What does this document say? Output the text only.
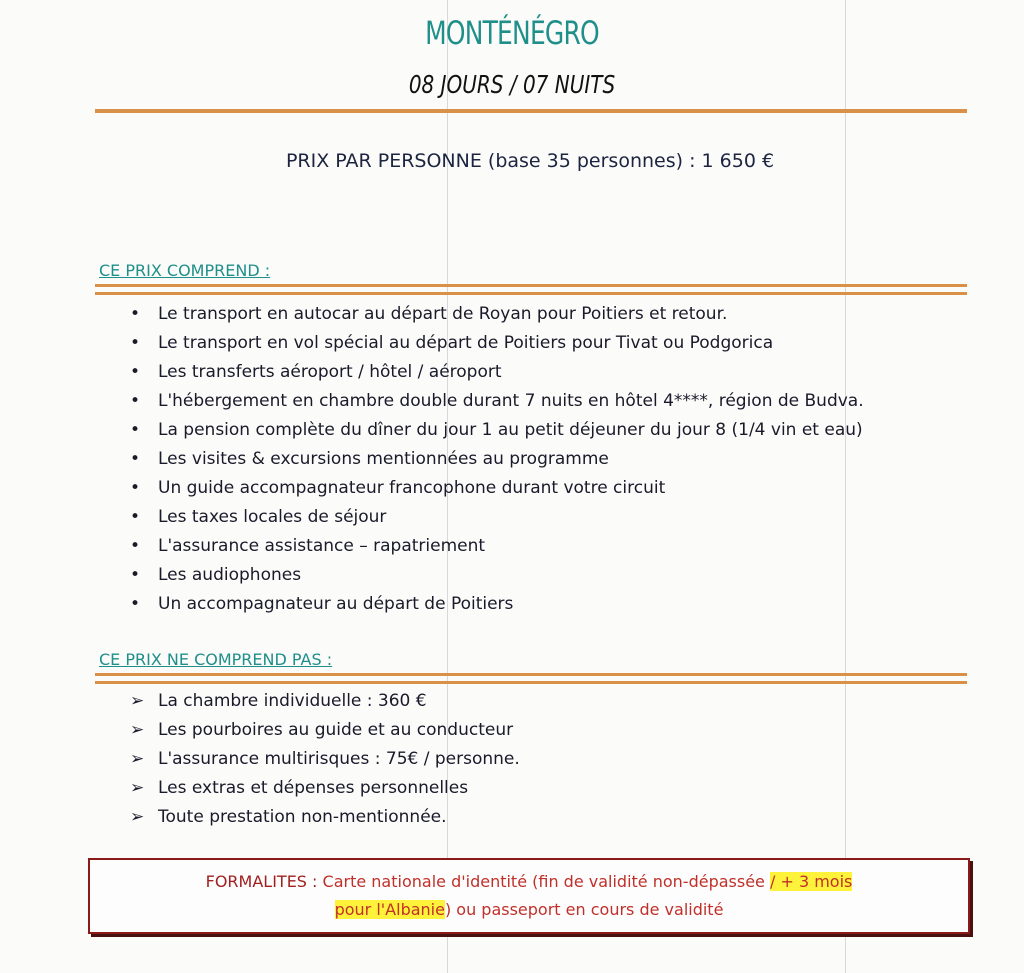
MONTÉNÉGRO
08 JOURS / 07 NUITS
PRIX PAR PERSONNE (base 35 personnes) : 1 650 €
CE PRIX COMPREND :
• Le transport en autocar au départ de Royan pour Poitiers et retour.
• Le transport en vol spécial au départ de Poitiers pour Tivat ou Podgorica
• Les transferts aéroport / hôtel / aéroport
• L'hébergement en chambre double durant 7 nuits en hôtel 4****, région de Budva.
• La pension complète du dîner du jour 1 au petit déjeuner du jour 8 (1/4 vin et eau)
• Les visites & excursions mentionnées au programme
• Un guide accompagnateur francophone durant votre circuit
• Les taxes locales de séjour
• L'assurance assistance – rapatriement
• Les audiophones
• Un accompagnateur au départ de Poitiers
CE PRIX NE COMPREND PAS :
➢ La chambre individuelle : 360 €
➢ Les pourboires au guide et au conducteur
➢ L'assurance multirisques : 75€ / personne.
➢ Les extras et dépenses personnelles
➢ Toute prestation non-mentionnée.
FORMALITES : Carte nationale d'identité (fin de validité non-dépassée / + 3 mois
pour l'Albanie) ou passeport en cours de validité
